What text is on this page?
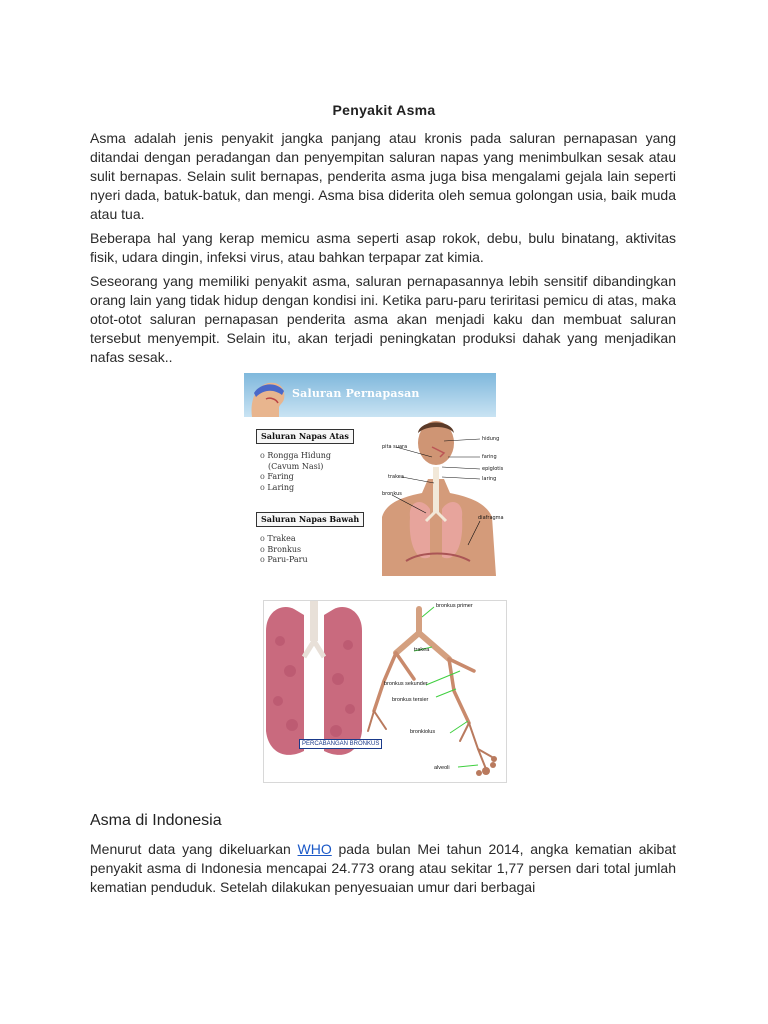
Penyakit Asma

Asma adalah jenis penyakit jangka panjang atau kronis pada saluran pernapasan yang ditandai dengan peradangan dan penyempitan saluran napas yang menimbulkan sesak atau sulit bernapas. Selain sulit bernapas, penderita asma juga bisa mengalami gejala lain seperti nyeri dada, batuk-batuk, dan mengi. Asma bisa diderita oleh semua golongan usia, baik muda atau tua.

Beberapa hal yang kerap memicu asma seperti asap rokok, debu, bulu binatang, aktivitas fisik, udara dingin, infeksi virus, atau bahkan terpapar zat kimia.

Seseorang yang memiliki penyakit asma, saluran pernapasannya lebih sensitif dibandingkan orang lain yang tidak hidup dengan kondisi ini. Ketika paru-paru teriritasi pemicu di atas, maka otot-otot saluran pernapasan penderita asma akan menjadi kaku dan membuat saluran tersebut menyempit. Selain itu, akan terjadi peningkatan produksi dahak yang menjadikan nafas sesak..

Saluran Pernapasan
Saluran Napas Atas
o Rongga Hidung
(Cavum Nasi)
o Faring
o Laring
Saluran Napas Bawah
o Trakea
o Bronkus
o Paru-Paru
hidung
pita suara
faring
trakea
epiglotis
laring
bronkus
diafragma
bronkus primer
trakea
bronkus sekunder
bronkus tersier
bronkiolus
alveoli
PERCABANGAN BRONKUS
Asma di Indonesia

Menurut data yang dikeluarkan WHO pada bulan Mei tahun 2014, angka kematian akibat penyakit asma di Indonesia mencapai 24.773 orang atau sekitar 1,77 persen dari total jumlah kematian penduduk. Setelah dilakukan penyesuaian umur dari berbagai
